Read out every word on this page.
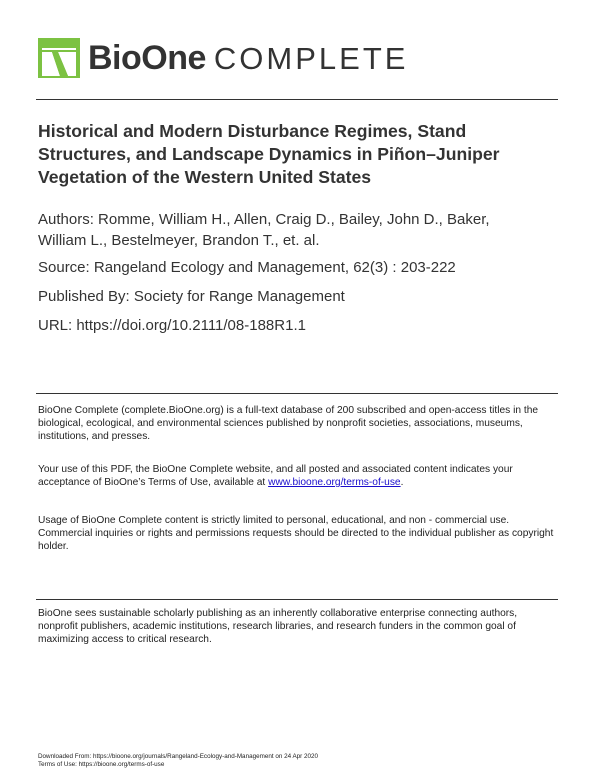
BioOne COMPLETE
Historical and Modern Disturbance Regimes, Stand Structures, and Landscape Dynamics in Piñon–Juniper Vegetation of the Western United States
Authors: Romme, William H., Allen, Craig D., Bailey, John D., Baker,
William L., Bestelmeyer, Brandon T., et. al.
Source: Rangeland Ecology and Management, 62(3) : 203-222
Published By: Society for Range Management
URL: https://doi.org/10.2111/08-188R1.1
BioOne Complete (complete.BioOne.org) is a full-text database of 200 subscribed and open-access titles in the biological, ecological, and environmental sciences published by nonprofit societies, associations, museums, institutions, and presses.
Your use of this PDF, the BioOne Complete website, and all posted and associated content indicates your acceptance of BioOne’s Terms of Use, available at www.bioone.org/terms-of-use.
Usage of BioOne Complete content is strictly limited to personal, educational, and non - commercial use. Commercial inquiries or rights and permissions requests should be directed to the individual publisher as copyright holder.
BioOne sees sustainable scholarly publishing as an inherently collaborative enterprise connecting authors, nonprofit publishers, academic institutions, research libraries, and research funders in the common goal of maximizing access to critical research.
Downloaded From: https://bioone.org/journals/Rangeland-Ecology-and-Management on 24 Apr 2020
Terms of Use: https://bioone.org/terms-of-use
